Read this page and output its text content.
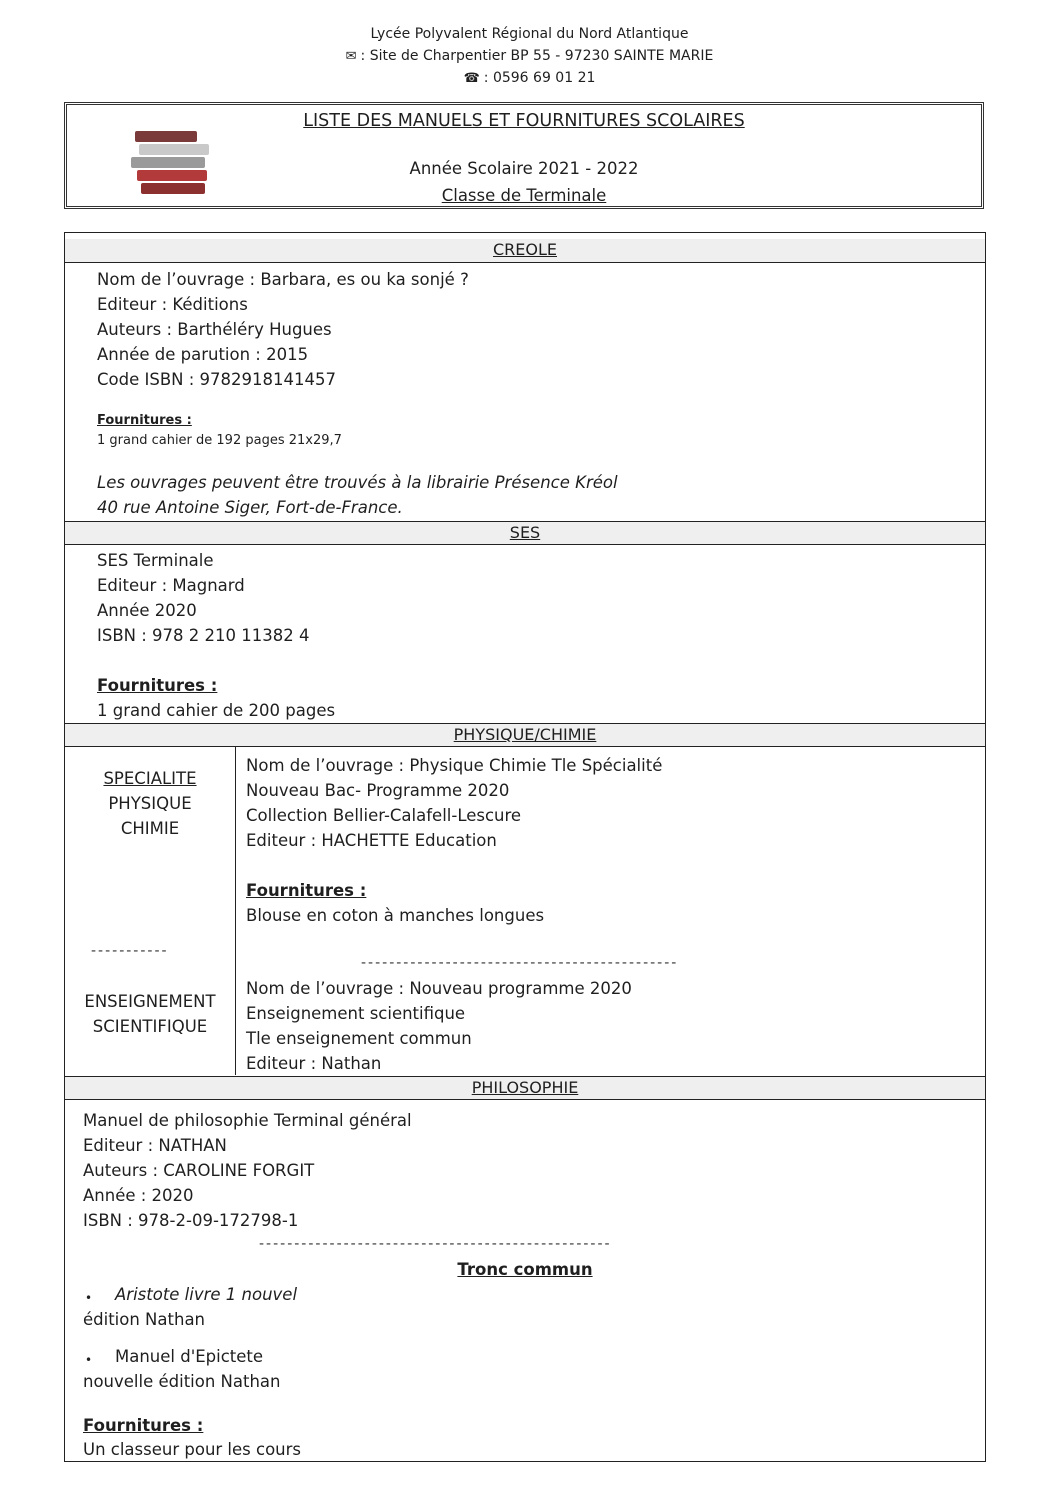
Lycée Polyvalent Régional du Nord Atlantique
✉ : Site de Charpentier BP 55 - 97230 SAINTE MARIE
☎ : 0596 69 01 21
LISTE DES MANUELS ET FOURNITURES SCOLAIRES
Année Scolaire 2021 - 2022
Classe de Terminale
CREOLE
Nom de l’ouvrage : Barbara, es ou ka sonjé ?
Editeur : Kéditions
Auteurs : Barthéléry Hugues
Année de parution : 2015
Code ISBN : 9782918141457
Fournitures :
1 grand cahier de 192 pages 21x29,7
Les ouvrages peuvent être trouvés à la librairie Présence Kréol
40 rue Antoine Siger, Fort-de-France.
SES
SES Terminale
Editeur : Magnard
Année 2020
ISBN : 978 2 210 11382 4
Fournitures :
1 grand cahier de 200 pages
PHYSIQUE/CHIMIE
SPECIALITE
PHYSIQUE
CHIMIE
Nom de l’ouvrage : Physique Chimie Tle Spécialité
Nouveau Bac- Programme 2020
Collection Bellier-Calafell-Lescure
Editeur : HACHETTE Education
Fournitures :
Blouse en coton à manches longues
-----------
---------------------------------------------
ENSEIGNEMENT
SCIENTIFIQUE
Nom de l’ouvrage : Nouveau programme 2020
Enseignement scientifique
Tle enseignement commun
Editeur : Nathan
PHILOSOPHIE
Manuel de philosophie Terminal général
Editeur : NATHAN
Auteurs : CAROLINE FORGIT
Année : 2020
ISBN : 978-2-09-172798-1
--------------------------------------------------
Tronc commun
• Aristote livre 1 nouvel
édition Nathan
• Manuel d'Epictete
nouvelle édition Nathan
Fournitures :
Un classeur pour les cours
